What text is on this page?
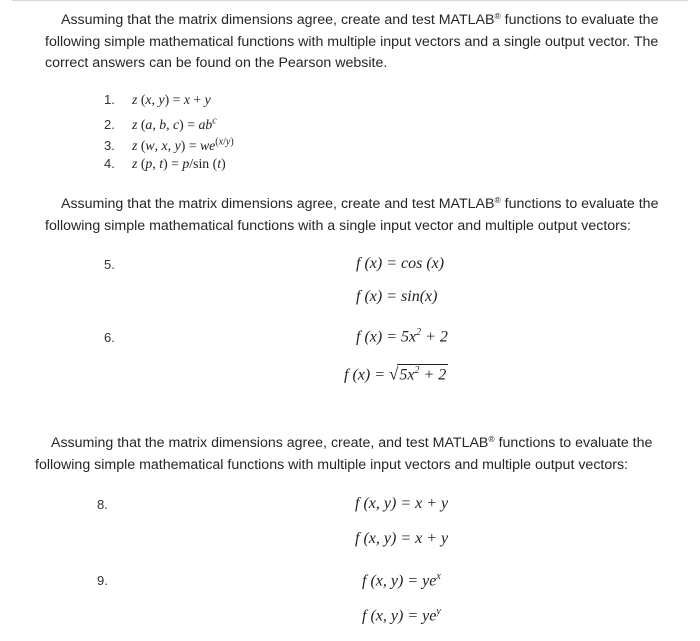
Assuming that the matrix dimensions agree, create and test MATLAB® functions to evaluate the
following simple mathematical functions with multiple input vectors and a single output vector. The
correct answers can be found on the Pearson website.

1. z (x, y) = x + y
2. z (a, b, $c) = ab^c$
3. z (w, x, $y) = we^{(x/y)}$
4. z (p, t) = p/sin (t)

Assuming that the matrix dimensions agree, create and test MATLAB® functions to evaluate the
following simple mathematical functions with a single input vector and multiple output vectors:

5.	f (x) = cos (x)
f (x) = sin(x)
6.	f $(x) = 5x^2 + 2$
f $(x) = √5x^2 + 2$

Assuming that the matrix dimensions agree, create, and test MATLAB® functions to evaluate the
following simple mathematical functions with multiple input vectors and multiple output vectors:

8.	f (x, y) = x + y
f (x, y) = x + y
9.	f (x, $y) = ye^x$
f (x, $y) = ye^y$
